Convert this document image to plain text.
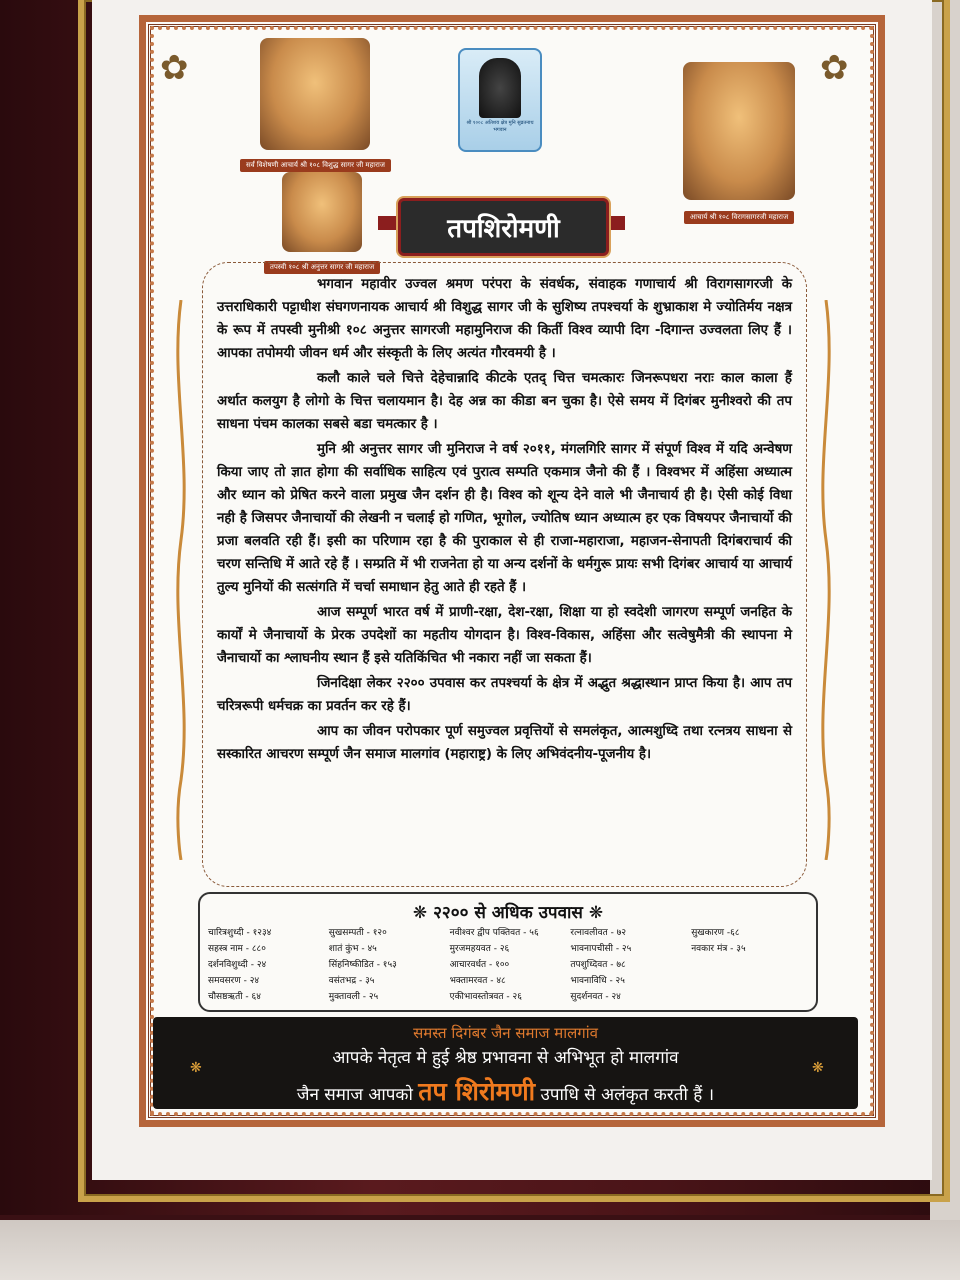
✿	✿
सर्वं विशेषणी आचार्य श्री १०८ विशुद्ध सागर जी महाराज
श्री १००८ अतिशय क्षेत्र मुनि सुव्रतनाथ भगवान
आचार्य श्री १०८ विरागसागरजी महाराज
तपस्वी १०८ श्री अनुत्तर सागर जी महाराज
तपशिरोमणी

भगवान महावीर उज्वल श्रमण परंपरा के संवर्धक, संवाहक गणाचार्य श्री विरागसागरजी के उत्तराधिकारी पट्टाधीश संघगणनायक आचार्य श्री विशुद्ध सागर जी के सुशिष्य तपश्चर्या के शुभ्राकाश मे ज्योतिर्मय नक्षत्र के रूप में तपस्वी मुनीश्री १०८ अनुत्तर सागरजी महामुनिराज की किर्ती विश्व व्यापी दिग -दिगान्त उज्वलता लिए हैं । आपका तपोमयी जीवन धर्म और संस्कृती के लिए अत्यंत गौरवमयी है ।

कलौ काले चले चित्ते देहेचान्नादि कीटके एतद् चित्त चमत्कारः जिनरूपधरा नराः काल काला हैं अर्थात कलयुग है लोगो के चित्त चलायमान है। देह अन्न का कीडा बन चुका है। ऐसे समय में दिगंबर मुनीश्वरो की तप साधना पंचम कालका सबसे बडा चमत्कार है ।

मुनि श्री अनुत्तर सागर जी मुनिराज ने वर्ष २०११, मंगलगिरि सागर में संपूर्ण विश्व में यदि अन्वेषण किया जाए तो ज्ञात होगा की सर्वाधिक साहित्य एवं पुरात्व सम्पति एकमात्र जैनो की हैं । विश्वभर में अहिंसा अध्यात्म और ध्यान को प्रेषित करने वाला प्रमुख जैन दर्शन ही है। विश्व को शून्य देने वाले भी जैनाचार्य ही है। ऐसी कोई विधा नही है जिसपर जैनाचार्यो की लेखनी न चलाई हो गणित, भूगोल, ज्योतिष ध्यान अध्यात्म हर एक विषयपर जैनाचार्यो की प्रजा बलवति रही हैं। इसी का परिणाम रहा है की पुराकाल से ही राजा-महाराजा, महाजन-सेनापती दिगंबराचार्य की चरण सन्तिधि में आते रहे हैं । सम्प्रति में भी राजनेता हो या अन्य दर्शनों के धर्मगुरू प्रायः सभी दिगंबर आचार्य या आचार्य तुल्य मुनियों की सत्संगति में चर्चा समाधान हेतु आते ही रहते हैं ।

आज सम्पूर्ण भारत वर्ष में प्राणी-रक्षा, देश-रक्षा, शिक्षा या हो स्वदेशी जागरण सम्पूर्ण जनहित के कार्यों मे जैनाचार्यो के प्रेरक उपदेशों का महतीय योगदान है। विश्व-विकास, अहिंसा और सत्वेषुमैत्री की स्थापना मे जैनाचार्यो का श्लाघनीय स्थान हैं इसे यतिकिंचित भी नकारा नहीं जा सकता हैं।

जिनदिक्षा लेकर २२०० उपवास कर तपश्चर्या के क्षेत्र में अद्भुत श्रद्धास्थान प्राप्त किया है। आप तप चरित्ररूपी धर्मचक्र का प्रवर्तन कर रहे हैं।

आप का जीवन परोपकार पूर्ण समुज्वल प्रवृत्तियों से समलंकृत, आत्मशुध्दि तथा रत्नत्रय साधना से सस्कारित आचरण सम्पूर्ण जैन समाज मालगांव (महाराष्ट्र) के लिए अभिवंदनीय-पूजनीय है।

❋ २२०० से अधिक उपवास ❋
चारित्रशुध्दी - १२३४
सहस्त्र नाम - ८८०
दर्शनविशुध्दी - २४
समवसरण - २४
चौसष्ठऋती - ६४
सुखसम्पती - १२०
शातं कुंभ - ४५
सिंहनिष्कीडित - १५३
वसंतभद्र - ३५
मुक्तावली - २५
नवीश्वर द्वीप पक्तिवत - ५६
मुरजमहयवत - २६
आचारवर्धत - १००
भक्तामरवत - ४८
एकीभावस्तोत्रवत - २६
रत्नावलीवत - ७२
भावनापचीसी - २५
तपशुध्दिवत - ७८
भावनाविधि - २५
सुदर्शनवत - २४
सुखकारण -६८
नवकार मंत्र - ३५
समस्त दिगंबर जैन समाज मालगांव
आपके नेतृत्व मे हुई श्रेष्ठ प्रभावना से अभिभूत हो मालगांव
जैन समाज आपको तप शिरोमणी उपाधि से अलंकृत करती हैं ।
❋	❋
